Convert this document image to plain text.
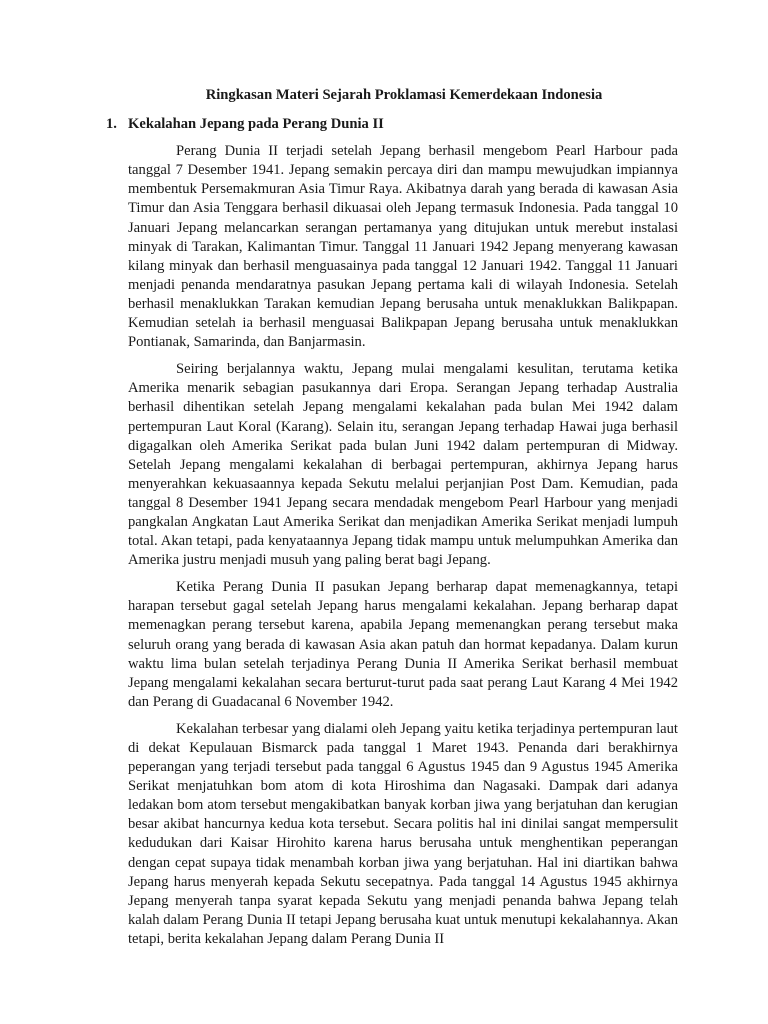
Ringkasan Materi Sejarah Proklamasi Kemerdekaan Indonesia
1. Kekalahan Jepang pada Perang Dunia II

Perang Dunia II terjadi setelah Jepang berhasil mengebom Pearl Harbour pada tanggal 7 Desember 1941. Jepang semakin percaya diri dan mampu mewujudkan impiannya membentuk Persemakmuran Asia Timur Raya. Akibatnya darah yang berada di kawasan Asia Timur dan Asia Tenggara berhasil dikuasai oleh Jepang termasuk Indonesia. Pada tanggal 10 Januari Jepang melancarkan serangan pertamanya yang ditujukan untuk merebut instalasi minyak di Tarakan, Kalimantan Timur. Tanggal 11 Januari 1942 Jepang menyerang kawasan kilang minyak dan berhasil menguasainya pada tanggal 12 Januari 1942. Tanggal 11 Januari menjadi penanda mendaratnya pasukan Jepang pertama kali di wilayah Indonesia. Setelah berhasil menaklukkan Tarakan kemudian Jepang berusaha untuk menaklukkan Balikpapan. Kemudian setelah ia berhasil menguasai Balikpapan Jepang berusaha untuk menaklukkan Pontianak, Samarinda, dan Banjarmasin.

Seiring berjalannya waktu, Jepang mulai mengalami kesulitan, terutama ketika Amerika menarik sebagian pasukannya dari Eropa. Serangan Jepang terhadap Australia berhasil dihentikan setelah Jepang mengalami kekalahan pada bulan Mei 1942 dalam pertempuran Laut Koral (Karang). Selain itu, serangan Jepang terhadap Hawai juga berhasil digagalkan oleh Amerika Serikat pada bulan Juni 1942 dalam pertempuran di Midway. Setelah Jepang mengalami kekalahan di berbagai pertempuran, akhirnya Jepang harus menyerahkan kekuasaannya kepada Sekutu melalui perjanjian Post Dam. Kemudian, pada tanggal 8 Desember 1941 Jepang secara mendadak mengebom Pearl Harbour yang menjadi pangkalan Angkatan Laut Amerika Serikat dan menjadikan Amerika Serikat menjadi lumpuh total. Akan tetapi, pada kenyataannya Jepang tidak mampu untuk melumpuhkan Amerika dan Amerika justru menjadi musuh yang paling berat bagi Jepang.

Ketika Perang Dunia II pasukan Jepang berharap dapat memenagkannya, tetapi harapan tersebut gagal setelah Jepang harus mengalami kekalahan. Jepang berharap dapat memenagkan perang tersebut karena, apabila Jepang memenangkan perang tersebut maka seluruh orang yang berada di kawasan Asia akan patuh dan hormat kepadanya. Dalam kurun waktu lima bulan setelah terjadinya Perang Dunia II Amerika Serikat berhasil membuat Jepang mengalami kekalahan secara berturut-turut pada saat perang Laut Karang 4 Mei 1942 dan Perang di Guadacanal 6 November 1942.

Kekalahan terbesar yang dialami oleh Jepang yaitu ketika terjadinya pertempuran laut di dekat Kepulauan Bismarck pada tanggal 1 Maret 1943. Penanda dari berakhirnya peperangan yang terjadi tersebut pada tanggal 6 Agustus 1945 dan 9 Agustus 1945 Amerika Serikat menjatuhkan bom atom di kota Hiroshima dan Nagasaki. Dampak dari adanya ledakan bom atom tersebut mengakibatkan banyak korban jiwa yang berjatuhan dan kerugian besar akibat hancurnya kedua kota tersebut. Secara politis hal ini dinilai sangat mempersulit kedudukan dari Kaisar Hirohito karena harus berusaha untuk menghentikan peperangan dengan cepat supaya tidak menambah korban jiwa yang berjatuhan. Hal ini diartikan bahwa Jepang harus menyerah kepada Sekutu secepatnya. Pada tanggal 14 Agustus 1945 akhirnya Jepang menyerah tanpa syarat kepada Sekutu yang menjadi penanda bahwa Jepang telah kalah dalam Perang Dunia II tetapi Jepang berusaha kuat untuk menutupi kekalahannya. Akan tetapi, berita kekalahan Jepang dalam Perang Dunia II
